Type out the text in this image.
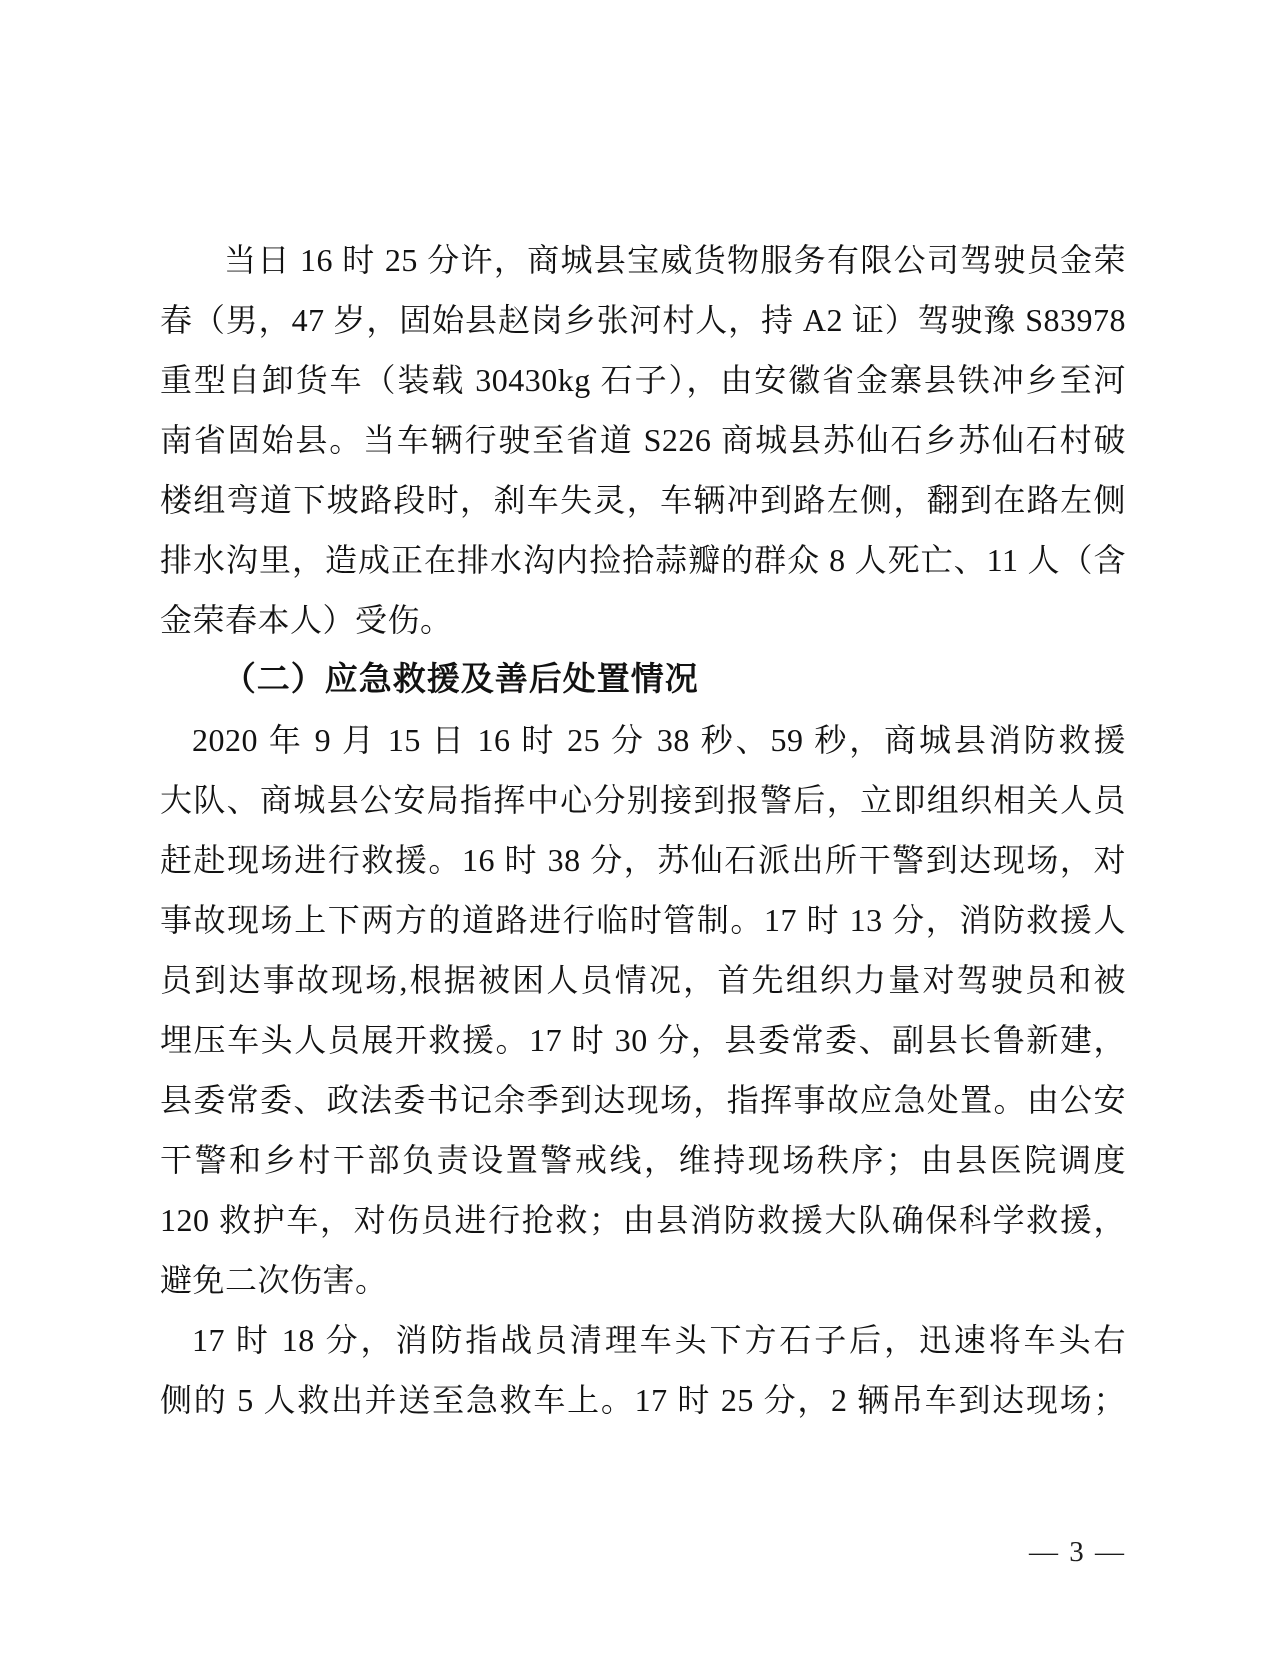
当日 16 时 25 分许，商城县宝威货物服务有限公司驾驶员金荣
春（男，47 岁，固始县赵岗乡张河村人，持 A2 证）驾驶豫 S83978
重型自卸货车（装载 30430kg 石子），由安徽省金寨县铁冲乡至河
南省固始县。当车辆行驶至省道 S226 商城县苏仙石乡苏仙石村破
楼组弯道下坡路段时，刹车失灵，车辆冲到路左侧，翻到在路左侧
排水沟里，造成正在排水沟内捡拾蒜瓣的群众 8 人死亡、11 人（含
金荣春本人）受伤。
（二）应急救援及善后处置情况
2020 年 9 月 15 日 16 时 25 分 38 秒、59 秒，商城县消防救援
大队、商城县公安局指挥中心分别接到报警后，立即组织相关人员
赶赴现场进行救援。16 时 38 分，苏仙石派出所干警到达现场，对
事故现场上下两方的道路进行临时管制。17 时 13 分，消防救援人
员到达事故现场,根据被困人员情况，首先组织力量对驾驶员和被
埋压车头人员展开救援。17 时 30 分，县委常委、副县长鲁新建，
县委常委、政法委书记余季到达现场，指挥事故应急处置。由公安
干警和乡村干部负责设置警戒线，维持现场秩序；由县医院调度
120 救护车，对伤员进行抢救；由县消防救援大队确保科学救援，
避免二次伤害。
17 时 18 分，消防指战员清理车头下方石子后，迅速将车头右
侧的 5 人救出并送至急救车上。17 时 25 分，2 辆吊车到达现场；
— 3 —
